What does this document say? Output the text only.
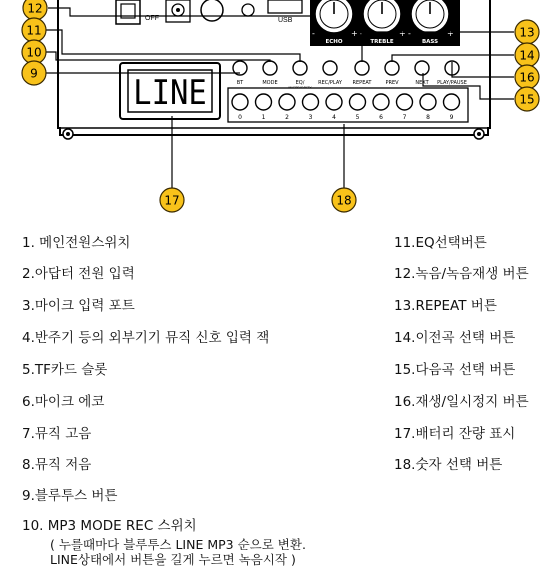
OFF	USB
-	+
ECHO
-	+
TREBLE
-	+
BASS
LINE	BT	MODE	EQ/	REC/PLAY REPEAT	PREV	NEXT PLAY/PAUSE
0	1	2	3	4	5	6	7	8	9
12
11
10
9
13
14
16
15
17	18
1. 메인전원스위치
2.아답터 전원 입력
3.마이크 입력 포트
4.반주기 등의 외부기기 뮤직 신호 입력 잭
5.TF카드 슬롯
6.마이크 에코
7.뮤직 고음
8.뮤직 저음
9.블루투스 버튼
10. MP3 MODE REC 스위치
( 누를때마다 블루투스 LINE MP3 순으로 변환.
LINE상태에서 버튼을 길게 누르면 녹음시작 )
11.EQ선택버튼
12.녹음/녹음재생 버튼
13.REPEAT 버튼
14.이전곡 선택 버튼
15.다음곡 선택 버튼
16.재생/일시정지 버튼
17.배터리 잔량 표시
18.숫자 선택 버튼
